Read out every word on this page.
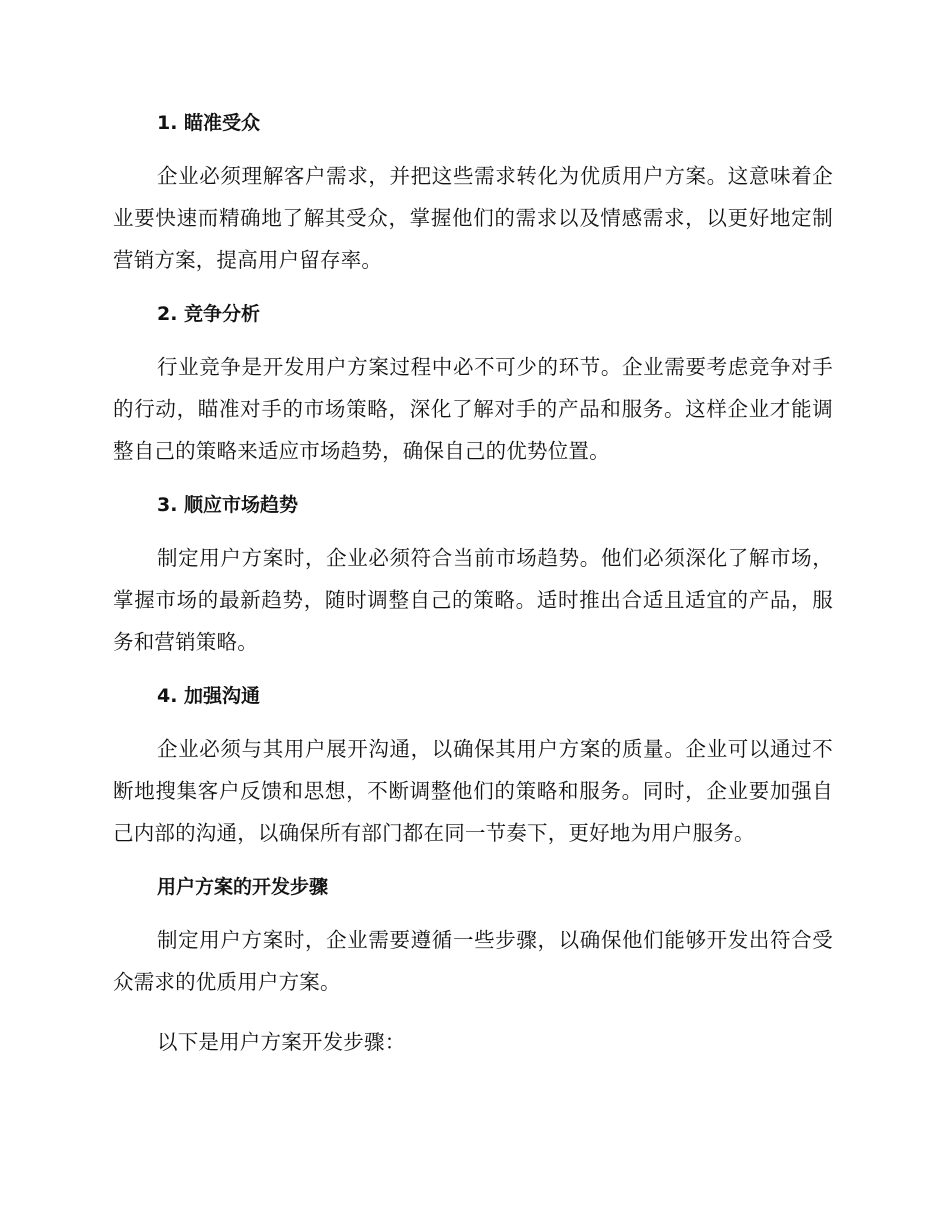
1. 瞄准受众

企业必须理解客户需求，并把这些需求转化为优质用户方案。这意味着企业要快速而精确地了解其受众，掌握他们的需求以及情感需求，以更好地定制营销方案，提高用户留存率。

2. 竞争分析

行业竞争是开发用户方案过程中必不可少的环节。企业需要考虑竞争对手的行动，瞄准对手的市场策略，深化了解对手的产品和服务。这样企业才能调整自己的策略来适应市场趋势，确保自己的优势位置。

3. 顺应市场趋势

制定用户方案时，企业必须符合当前市场趋势。他们必须深化了解市场，掌握市场的最新趋势，随时调整自己的策略。适时推出合适且适宜的产品，服务和营销策略。

4. 加强沟通

企业必须与其用户展开沟通，以确保其用户方案的质量。企业可以通过不断地搜集客户反馈和思想，不断调整他们的策略和服务。同时，企业要加强自己内部的沟通，以确保所有部门都在同一节奏下，更好地为用户服务。

用户方案的开发步骤

制定用户方案时，企业需要遵循一些步骤，以确保他们能够开发出符合受众需求的优质用户方案。

以下是用户方案开发步骤：
